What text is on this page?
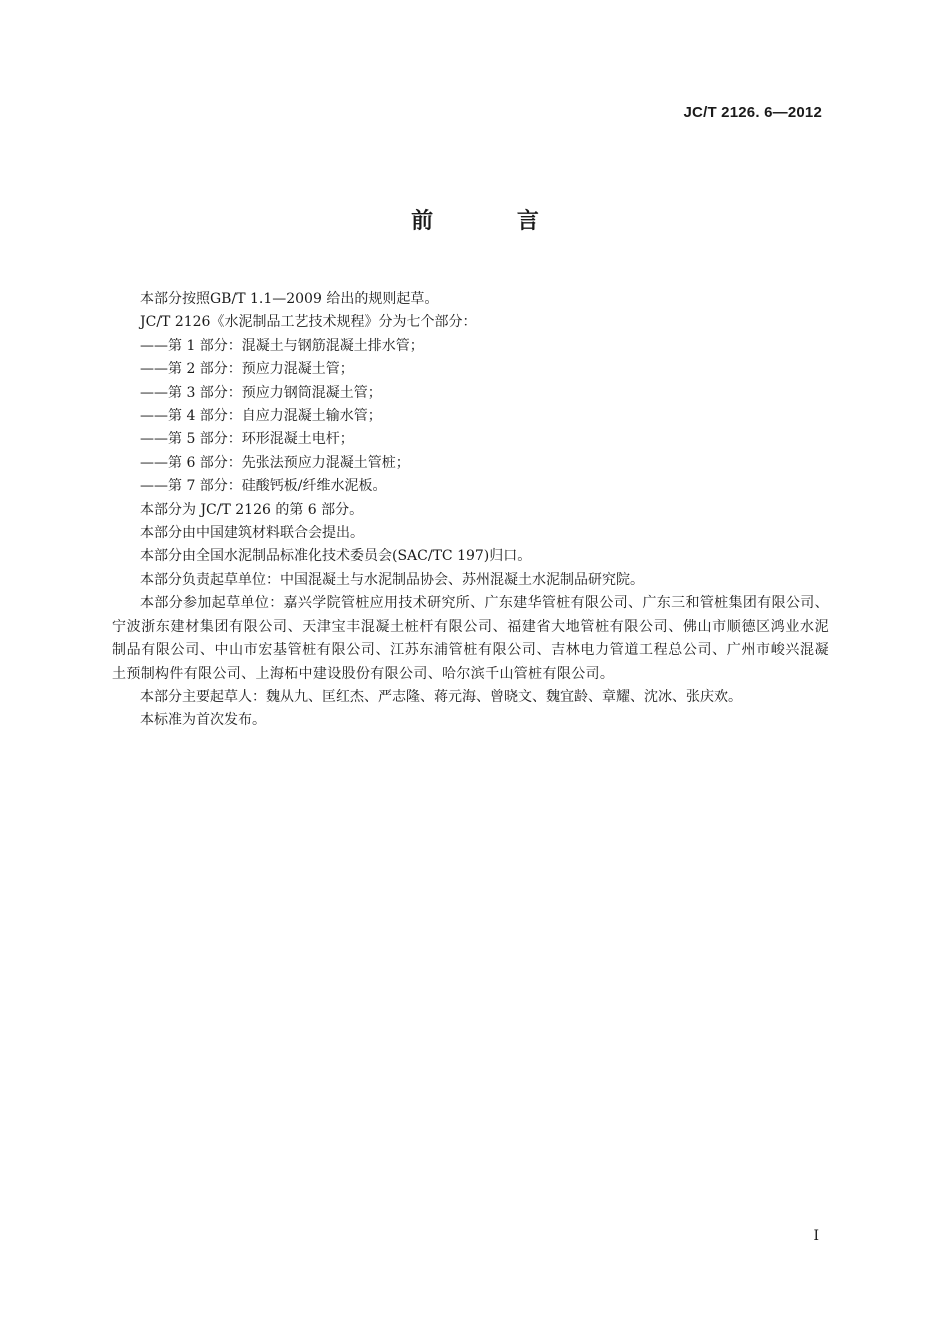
JC/T 2126. 6—2012
前 言

本部分按照GB/T 1.1—2009 给出的规则起草。

JC/T 2126《水泥制品工艺技术规程》分为七个部分：

——第 1 部分：混凝土与钢筋混凝土排水管；

——第 2 部分：预应力混凝土管；

——第 3 部分：预应力钢筒混凝土管；

——第 4 部分：自应力混凝土输水管；

——第 5 部分：环形混凝土电杆；

——第 6 部分：先张法预应力混凝土管桩；

——第 7 部分：硅酸钙板/纤维水泥板。

本部分为 JC/T 2126 的第 6 部分。

本部分由中国建筑材料联合会提出。

本部分由全国水泥制品标准化技术委员会(SAC/TC 197)归口。

本部分负责起草单位：中国混凝土与水泥制品协会、苏州混凝土水泥制品研究院。

本部分参加起草单位：嘉兴学院管桩应用技术研究所、广东建华管桩有限公司、广东三和管桩集团有限公司、宁波浙东建材集团有限公司、天津宝丰混凝土桩杆有限公司、福建省大地管桩有限公司、佛山市顺德区鸿业水泥制品有限公司、中山市宏基管桩有限公司、江苏东浦管桩有限公司、吉林电力管道工程总公司、广州市峻兴混凝土预制构件有限公司、上海柘中建设股份有限公司、哈尔滨千山管桩有限公司。

本部分主要起草人：魏从九、匡红杰、严志隆、蒋元海、曾晓文、魏宜龄、章耀、沈冰、张庆欢。

本标准为首次发布。

I
